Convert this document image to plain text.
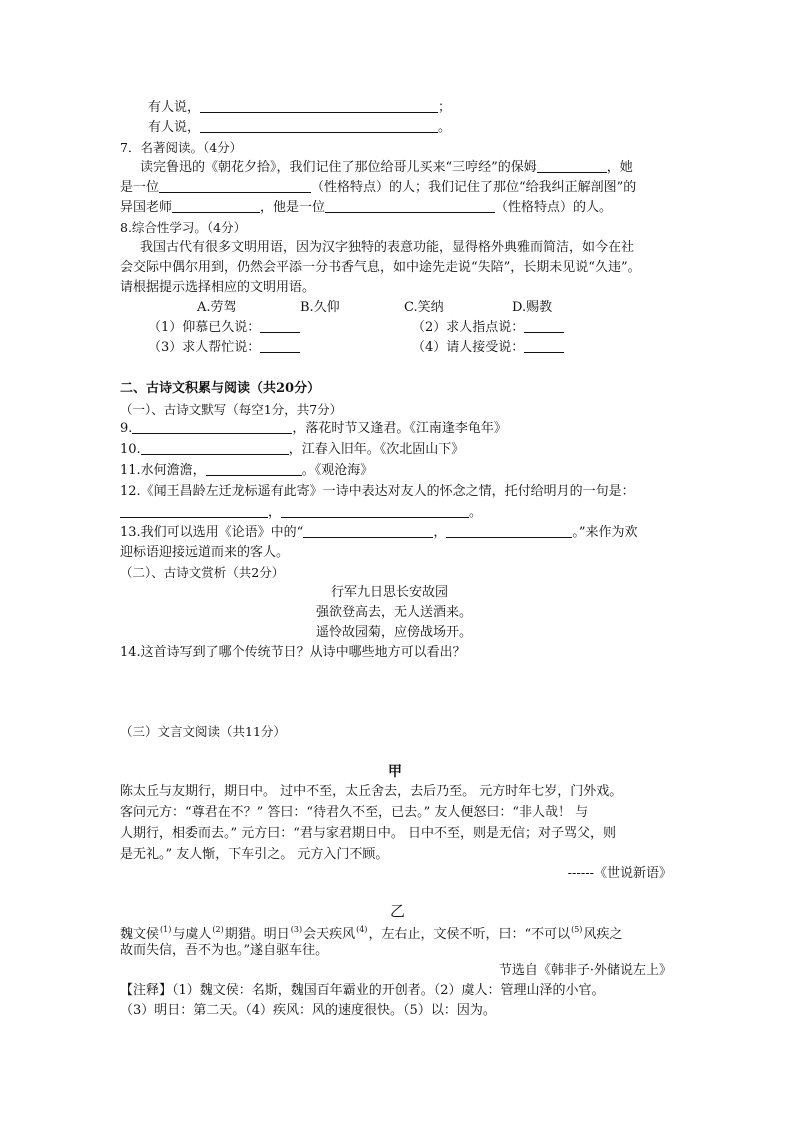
有人说，	；
有人说，	。
7．名著阅读。（4分）
读完鲁迅的《朝花夕拾》，我们记住了那位给哥儿买来“三哼经”的保姆	，她
是一位	（性格特点）的人；我们记住了那位“给我纠正解剖图”的
异国老师	，他是一位	（性格特点）的人。
8.综合性学习。（4分）
我国古代有很多文明用语，因为汉字独特的表意功能，显得格外典雅而简洁，如今在社
会交际中偶尔用到，仍然会平添一分书香气息，如中途先走说“失陪”，长期未见说“久违”。
请根据提示选择相应的文明用语。
A.劳驾	B.久仰	C.笑纳	D.赐教
（1）仰慕已久说：	（2）求人指点说：
（3）求人帮忙说：	（4）请人接受说：
二、古诗文积累与阅读（共20分）
（一）、古诗文默写（每空1分，共7分）
9.	，落花时节又逢君。《江南逢李龟年》
10.	，江春入旧年。《次北固山下》
11.水何澹澹，	。《观沧海》
12.《闻王昌龄左迁龙标遥有此寄》一诗中表达对友人的怀念之情，托付给明月的一句是：
，	。
13.我们可以选用《论语》中的“	，	。”来作为欢
迎标语迎接远道而来的客人。
（二）、古诗文赏析（共2分）
行军九日思长安故园
强欲登高去，无人送酒来。
遥怜故园菊，应傍战场开。
14.这首诗写到了哪个传统节日？从诗中哪些地方可以看出？
（三）文言文阅读（共11分）
甲
陈太丘与友期行，期日中。 过中不至，太丘舍去，去后乃至。 元方时年七岁，门外戏。
客问元方：“尊君在不？” 答曰：“待君久不至，已去。” 友人便怒曰：“非人哉！ 与
人期行，相委而去。” 元方曰：“君与家君期日中。 日中不至，则是无信；对子骂父，则
是无礼。” 友人惭，下车引之。 元方入门不顾。
------《世说新语》
乙
魏文侯$^{(1)}$与虞人$^{(2)}$期猎。明日$^{(3)}$会天疾风$^{(4)}$，左右止，文侯不听，曰：“不可以$^{(5)}$风疾之
故而失信，吾不为也。”遂自驱车往。
节选自《韩非子·外储说左上》
【注释】（1）魏文侯：名斯，魏国百年霸业的开创者。（2）虞人：管理山泽的小官。
（3）明日：第二天。（4）疾风：风的速度很快。（5）以：因为。
